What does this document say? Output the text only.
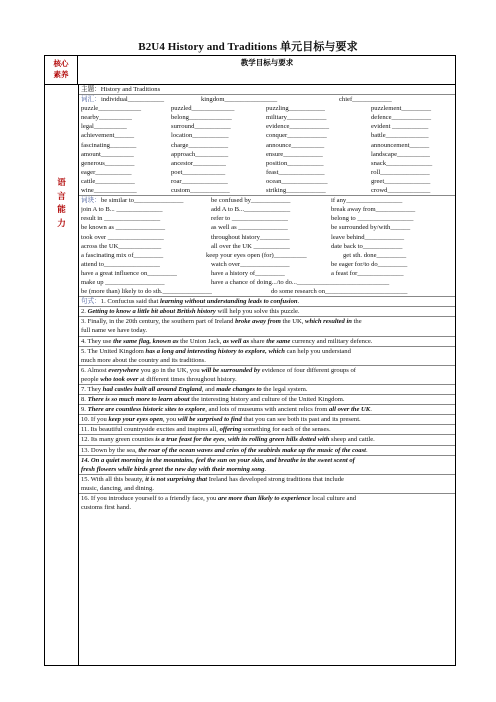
B2U4 History and Traditions 单元目标与要求
核心素养
教学目标与要求
语
言
能
力
主题：History and Traditions
词汇： individual___________	kingdom________________	chief____________
puzzle_____________	puzzled_____________	puzzling___________	puzzlement_________
nearby__________	belong_____________	military____________	defence____________
legal__________	surround___________	evidence____________	evident ___________
achievement______	location___________	conquer____________	battle_____________
fascinating________	charge____________	announce__________	announcement______
amount__________	approach__________	ensure____________	landscape__________
generous_________	ancestor__________	position___________	snack______________
eager___________	poet_____________	feast______________	roll_______________
cattle____________	roar______________	ocean______________	greet______________
wine_____________	custom____________	striking____________	crowd_____________
词块： be similar to_______________	be confused by____________	if any_________________
join A to B... ______________	add A to B...______________	break away from____________
result in _________________	refer to _________________	belong to _________________
be known as _______________	as well as _______________	be surrounded by/with______
took over _________________	throughout history_________	leave behind____________
across the UK_____________	all over the UK ___________	date back to____________
a fascinating mix of_________	keep your eyes open (for)__________	get sth. done_________
attend to_________________	watch over_______________	be eager for/to do_________
have a great influence on_________	have a history of_________	a feast for______________
make up __________________	have a chance of doing.../to do...____________________________
be (more than) likely to do sth._______________	do some research on_________________________
句式：1. Confucius said that learning without understanding leads to confusion.
2. Getting to know a little bit about British history will help you solve this puzzle.
3. Finally, in the 20th century, the southern part of Ireland broke away from the UK, which resulted in the
full name we have today.
4. They use the same flag, known as the Union Jack, as well as share the same currency and military defence.
5. The United Kingdom has a long and interesting history to explore, which can help you understand
much more about the country and its traditions.
6. Almost everywhere you go in the UK, you will be surrounded by evidence of four different groups of
people who took over at different times throughout history.
7. They had castles built all around England, and made changes to the legal system.
8. There is so much more to learn about the interesting history and culture of the United Kingdom.
9. There are countless historic sites to explore, and lots of museums with ancient relics from all over the UK.
10. If you keep your eyes open, you will be surprised to find that you can see both its past and its present.
11. Its beautiful countryside excites and inspires all, offering something for each of the senses.
12. Its many green counties is a true feast for the eyes, with its rolling green hills dotted with sheep and cattle.
13. Down by the sea, the roar of the ocean waves and cries of the seabirds make up the music of the coast.
14. On a quiet morning in the mountains, feel the sun on your skin, and breathe in the sweet scent of
fresh flowers while birds greet the new day with their morning song.
15. With all this beauty, it is not surprising that Ireland has developed strong traditions that include
music, dancing, and dining.
16. If you introduce yourself to a friendly face, you are more than likely to experience local culture and
customs first hand.
